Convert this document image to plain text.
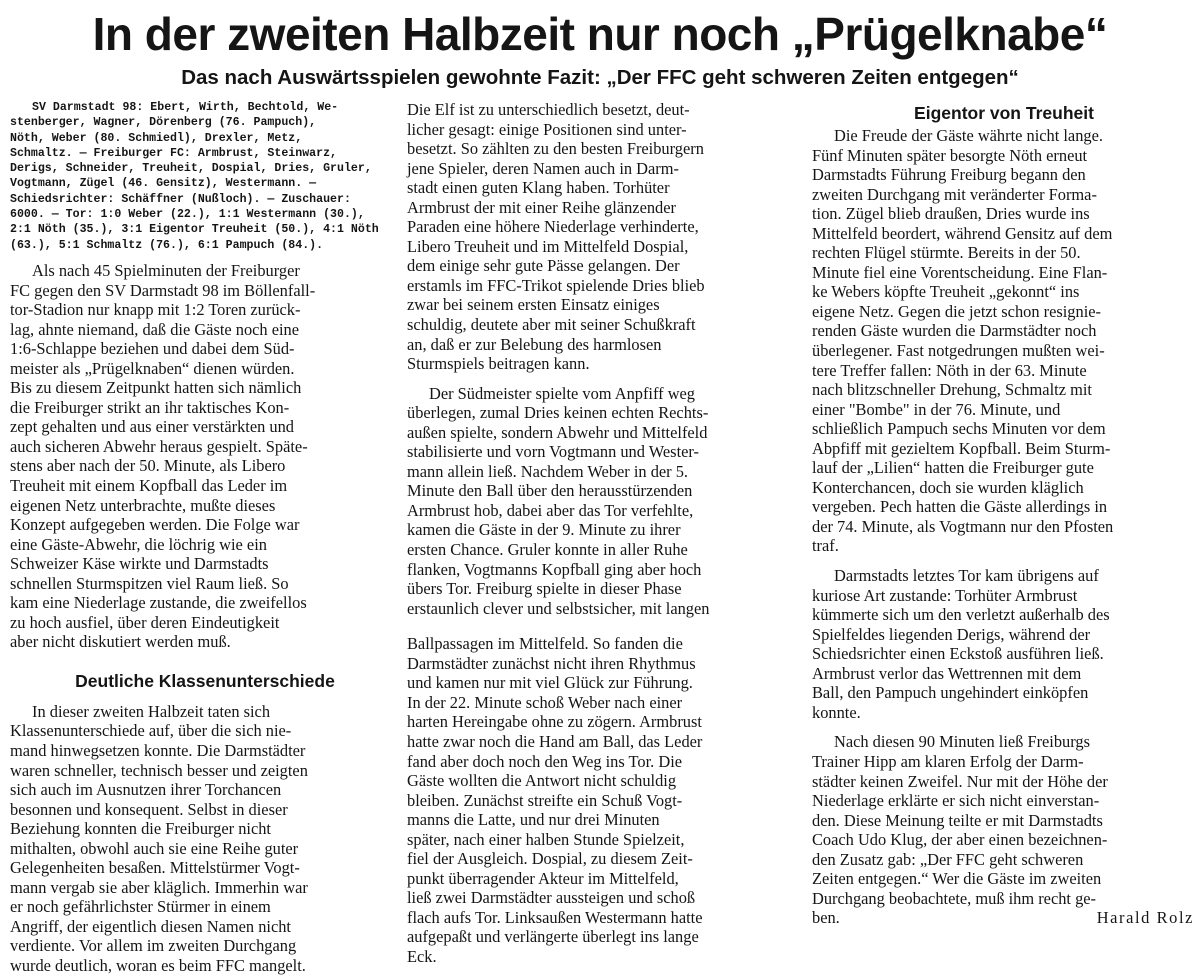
In der zweiten Halbzeit nur noch „Prügelknabe“
Das nach Auswärtsspielen gewohnte Fazit: „Der FFC geht schweren Zeiten entgegen“
SV Darmstadt 98: Ebert, Wirth, Bechtold, We-
stenberger, Wagner, Dörenberg (76. Pampuch),
Nöth, Weber (80. Schmiedl), Drexler, Metz,
Schmaltz. — Freiburger FC: Armbrust, Steinwarz,
Derigs, Schneider, Treuheit, Dospial, Dries, Gruler,
Vogtmann, Zügel (46. Gensitz), Westermann. —
Schiedsrichter: Schäffner (Nußloch). — Zuschauer:
6000. — Tor: 1:0 Weber (22.), 1:1 Westermann (30.),
2:1 Nöth (35.), 3:1 Eigentor Treuheit (50.), 4:1 Nöth
(63.), 5:1 Schmaltz (76.), 6:1 Pampuch (84.).
Als nach 45 Spielminuten der Freiburger
FC gegen den SV Darmstadt 98 im Böllenfall-
tor-Stadion nur knapp mit 1:2 Toren zurück-
lag, ahnte niemand, daß die Gäste noch eine
1:6-Schlappe beziehen und dabei dem Süd-
meister als „Prügelknaben“ dienen würden.
Bis zu diesem Zeitpunkt hatten sich nämlich
die Freiburger strikt an ihr taktisches Kon-
zept gehalten und aus einer verstärkten und
auch sicheren Abwehr heraus gespielt. Späte-
stens aber nach der 50. Minute, als Libero
Treuheit mit einem Kopfball das Leder im
eigenen Netz unterbrachte, mußte dieses
Konzept aufgegeben werden. Die Folge war
eine Gäste-Abwehr, die löchrig wie ein
Schweizer Käse wirkte und Darmstadts
schnellen Sturmspitzen viel Raum ließ. So
kam eine Niederlage zustande, die zweifellos
zu hoch ausfiel, über deren Eindeutigkeit
aber nicht diskutiert werden muß.
Deutliche Klassenunterschiede
In dieser zweiten Halbzeit taten sich
Klassenunterschiede auf, über die sich nie-
mand hinwegsetzen konnte. Die Darmstädter
waren schneller, technisch besser und zeigten
sich auch im Ausnutzen ihrer Torchancen
besonnen und konsequent. Selbst in dieser
Beziehung konnten die Freiburger nicht
mithalten, obwohl auch sie eine Reihe guter
Gelegenheiten besaßen. Mittelstürmer Vogt-
mann vergab sie aber kläglich. Immerhin war
er noch gefährlichster Stürmer in einem
Angriff, der eigentlich diesen Namen nicht
verdiente. Vor allem im zweiten Durchgang
wurde deutlich, woran es beim FFC mangelt.
Die Elf ist zu unterschiedlich besetzt, deut-
licher gesagt: einige Positionen sind unter-
besetzt. So zählten zu den besten Freiburgern
jene Spieler, deren Namen auch in Darm-
stadt einen guten Klang haben. Torhüter
Armbrust der mit einer Reihe glänzender
Paraden eine höhere Niederlage verhinderte,
Libero Treuheit und im Mittelfeld Dospial,
dem einige sehr gute Pässe gelangen. Der
erstamls im FFC-Trikot spielende Dries blieb
zwar bei seinem ersten Einsatz einiges
schuldig, deutete aber mit seiner Schußkraft
an, daß er zur Belebung des harmlosen
Sturmspiels beitragen kann.
Der Südmeister spielte vom Anpfiff weg
überlegen, zumal Dries keinen echten Rechts-
außen spielte, sondern Abwehr und Mittelfeld
stabilisierte und vorn Vogtmann und Wester-
mann allein ließ. Nachdem Weber in der 5.
Minute den Ball über den herausstürzenden
Armbrust hob, dabei aber das Tor verfehlte,
kamen die Gäste in der 9. Minute zu ihrer
ersten Chance. Gruler konnte in aller Ruhe
flanken, Vogtmanns Kopfball ging aber hoch
übers Tor. Freiburg spielte in dieser Phase
erstaunlich clever und selbstsicher, mit langen
Ballpassagen im Mittelfeld. So fanden die
Darmstädter zunächst nicht ihren Rhythmus
und kamen nur mit viel Glück zur Führung.
In der 22. Minute schoß Weber nach einer
harten Hereingabe ohne zu zögern. Armbrust
hatte zwar noch die Hand am Ball, das Leder
fand aber doch noch den Weg ins Tor. Die
Gäste wollten die Antwort nicht schuldig
bleiben. Zunächst streifte ein Schuß Vogt-
manns die Latte, und nur drei Minuten
später, nach einer halben Stunde Spielzeit,
fiel der Ausgleich. Dospial, zu diesem Zeit-
punkt überragender Akteur im Mittelfeld,
ließ zwei Darmstädter aussteigen und schoß
flach aufs Tor. Linksaußen Westermann hatte
aufgepaßt und verlängerte überlegt ins lange
Eck.
Eigentor von Treuheit
Die Freude der Gäste währte nicht lange.
Fünf Minuten später besorgte Nöth erneut
Darmstadts Führung Freiburg begann den
zweiten Durchgang mit veränderter Forma-
tion. Zügel blieb draußen, Dries wurde ins
Mittelfeld beordert, während Gensitz auf dem
rechten Flügel stürmte. Bereits in der 50.
Minute fiel eine Vorentscheidung. Eine Flan-
ke Webers köpfte Treuheit „gekonnt“ ins
eigene Netz. Gegen die jetzt schon resignie-
renden Gäste wurden die Darmstädter noch
überlegener. Fast notgedrungen mußten wei-
tere Treffer fallen: Nöth in der 63. Minute
nach blitzschneller Drehung, Schmaltz mit
einer "Bombe" in der 76. Minute, und
schließlich Pampuch sechs Minuten vor dem
Abpfiff mit gezieltem Kopfball. Beim Sturm-
lauf der „Lilien“ hatten die Freiburger gute
Konterchancen, doch sie wurden kläglich
vergeben. Pech hatten die Gäste allerdings in
der 74. Minute, als Vogtmann nur den Pfosten
traf.
Darmstadts letztes Tor kam übrigens auf
kuriose Art zustande: Torhüter Armbrust
kümmerte sich um den verletzt außerhalb des
Spielfeldes liegenden Derigs, während der
Schiedsrichter einen Eckstoß ausführen ließ.
Armbrust verlor das Wettrennen mit dem
Ball, den Pampuch ungehindert einköpfen
konnte.
Nach diesen 90 Minuten ließ Freiburgs
Trainer Hipp am klaren Erfolg der Darm-
städter keinen Zweifel. Nur mit der Höhe der
Niederlage erklärte er sich nicht einverstan-
den. Diese Meinung teilte er mit Darmstadts
Coach Udo Klug, der aber einen bezeichnen-
den Zusatz gab: „Der FFC geht schweren
Zeiten entgegen.“ Wer die Gäste im zweiten
Durchgang beobachtete, muß ihm recht ge-
ben.	Harald Rolz
